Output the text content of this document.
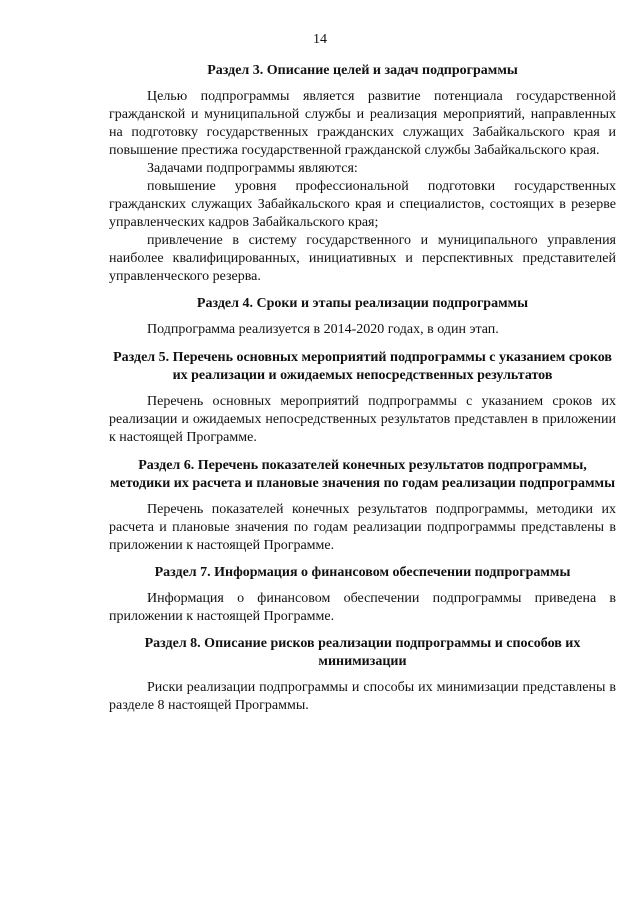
14
Раздел 3. Описание целей и задач подпрограммы

Целью подпрограммы является развитие потенциала государственной гражданской и муниципальной службы и реализация мероприятий, направленных на подготовку государственных гражданских служащих Забайкальского края и повышение престижа государственной гражданской службы Забайкальского края.

Задачами подпрограммы являются:

повышение уровня профессиональной подготовки государственных гражданских служащих Забайкальского края и специалистов, состоящих в резерве управленческих кадров Забайкальского края;

привлечение в систему государственного и муниципального управления наиболее квалифицированных, инициативных и перспективных представителей управленческого резерва.

Раздел 4. Сроки и этапы реализации подпрограммы

Подпрограмма реализуется в 2014-2020 годах, в один этап.

Раздел 5. Перечень основных мероприятий подпрограммы с указанием сроков их реализации и ожидаемых непосредственных результатов

Перечень основных мероприятий подпрограммы с указанием сроков их реализации и ожидаемых непосредственных результатов представлен в приложении к настоящей Программе.

Раздел 6. Перечень показателей конечных результатов подпрограммы, методики их расчета и плановые значения по годам реализации подпрограммы

Перечень показателей конечных результатов подпрограммы, методики их расчета и плановые значения по годам реализации подпрограммы представлены в приложении к настоящей Программе.

Раздел 7. Информация о финансовом обеспечении подпрограммы

Информация о финансовом обеспечении подпрограммы приведена в приложении к настоящей Программе.

Раздел 8. Описание рисков реализации подпрограммы и способов их минимизации

Риски реализации подпрограммы и способы их минимизации представлены в разделе 8 настоящей Программы.
